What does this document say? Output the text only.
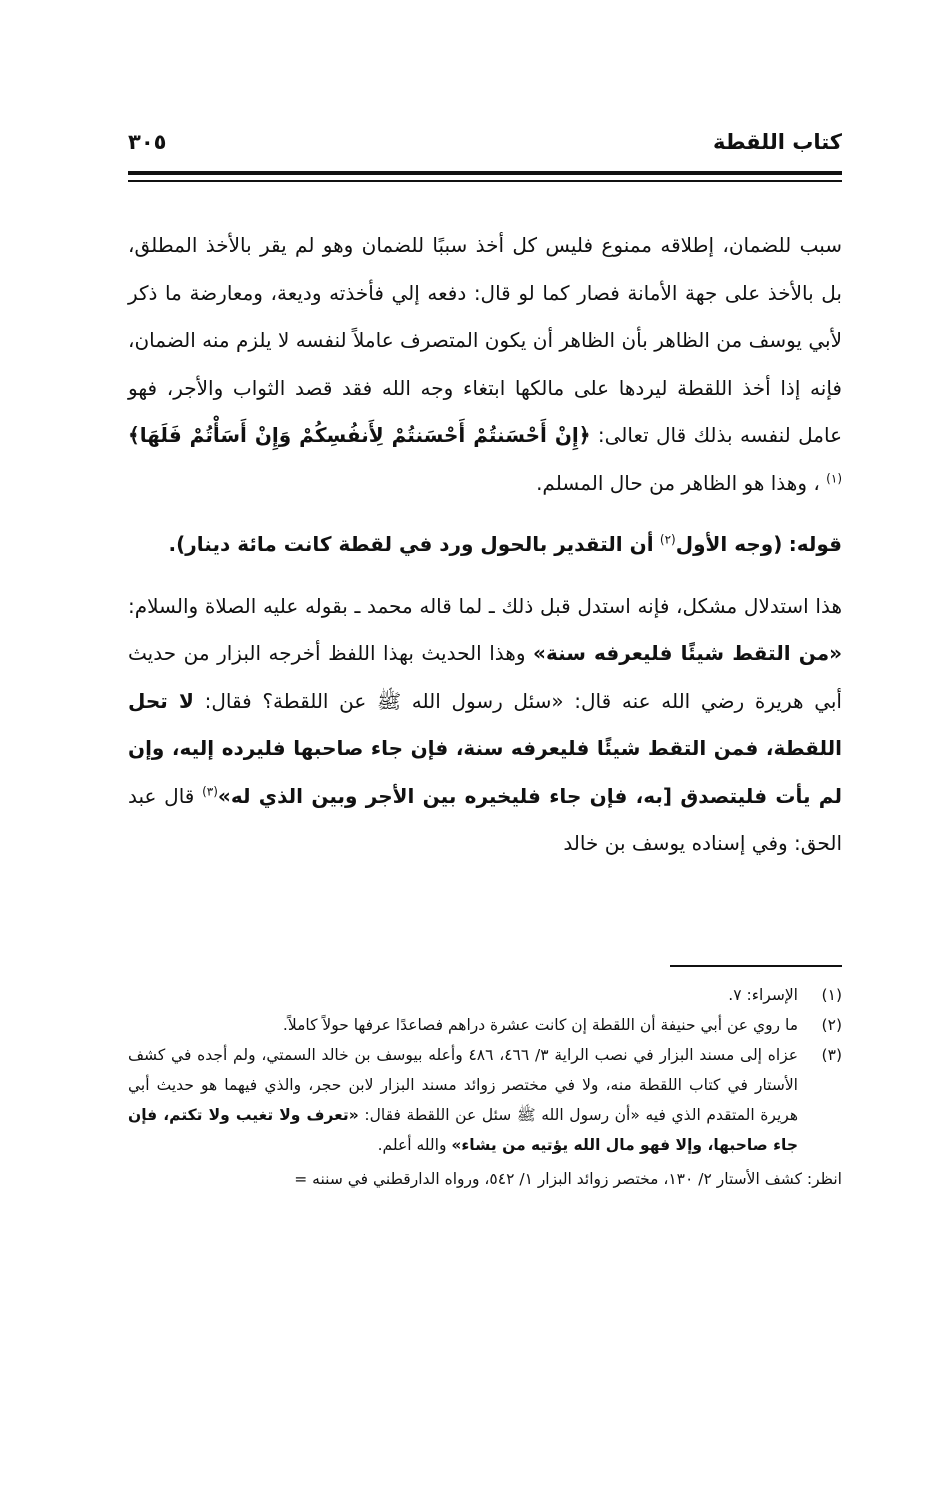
كتاب اللقطة
٣٠٥

سبب للضمان، إطلاقه ممنوع فليس كل أخذ سببًا للضمان وهو لم يقر بالأخذ المطلق، بل بالأخذ على جهة الأمانة فصار كما لو قال: دفعه إلي فأخذته وديعة، ومعارضة ما ذكر لأبي يوسف من الظاهر بأن الظاهر أن يكون المتصرف عاملاً لنفسه لا يلزم منه الضمان، فإنه إذا أخذ اللقطة ليردها على مالكها ابتغاء وجه الله فقد قصد الثواب والأجر، فهو عامل لنفسه بذلك قال تعالى: ﴿إِنْ أَحْسَنتُمْ أَحْسَنتُمْ لِأَنفُسِكُمْ وَإِنْ أَسَأْتُمْ فَلَهَا﴾$^{(١)}$ ، وهذا هو الظاهر من حال المسلم.

قوله: (وجه الأول$^{(٢)}$ أن التقدير بالحول ورد في لقطة كانت مائة دينار).

هذا استدلال مشكل، فإنه استدل قبل ذلك ـ لما قاله محمد ـ بقوله عليه الصلاة والسلام: «من التقط شيئًا فليعرفه سنة» وهذا الحديث بهذا اللفظ أخرجه البزار من حديث أبي هريرة رضي الله عنه قال: «سئل رسول الله ﷺ عن اللقطة؟ فقال: لا تحل اللقطة، فمن التقط شيئًا فليعرفه سنة، فإن جاء صاحبها فليرده إليه، وإن لم يأت فليتصدق [به، فإن جاء فليخيره بين الأجر وبين الذي له»$^{(٣)}$ قال عبد الحق: وفي إسناده يوسف بن خالد

(١)
الإسراء: ٧.

(٢)
ما روي عن أبي حنيفة أن اللقطة إن كانت عشرة دراهم فصاعدًا عرفها حولاً كاملاً.

(٣)
عزاه إلى مسند البزار في نصب الراية ٣/ ٤٦٦، ٤٨٦ وأعله بيوسف بن خالد السمتي، ولم أجده في كشف الأستار في كتاب اللقطة منه، ولا في مختصر زوائد مسند البزار لابن حجر، والذي فيهما هو حديث أبي هريرة المتقدم الذي فيه «أن رسول الله ﷺ سئل عن اللقطة فقال: «تعرف ولا تغيب ولا تكتم، فإن جاء صاحبها، وإلا فهو مال الله يؤتيه من يشاء» والله أعلم.

انظر: كشف الأستار ٢/ ١٣٠، مختصر زوائد البزار ١/ ٥٤٢، ورواه الدارقطني في سننه =
